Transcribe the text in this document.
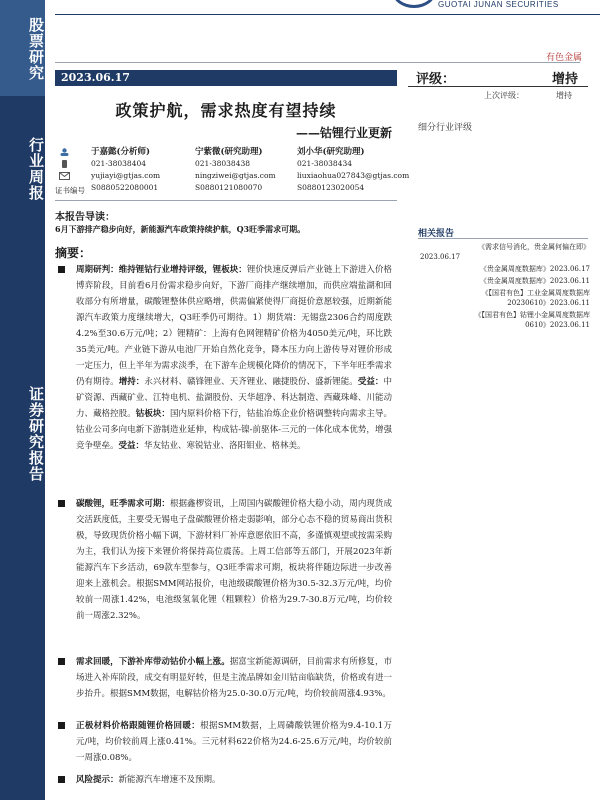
股票研究
行业周报
证券研究报告
GUOTAI JUNAN SECURITIES
有色金属
2023.06.17	评级：	增持
上次评级：	增持
政策护航，需求热度有望持续
——钴锂行业更新	细分行业评级
于嘉懿(分析师)
021-38038404
yujiayi@gtjas.com
S0880522080001
宁紫微(研究助理)
021-38038438
ningziwei@gtjas.com
S0880121080070
刘小华(研究助理)
021-38038434
liuxiaohua027843@gtjas.com
S0880123020054
证书编号
本报告导读：
6月下游排产稳步向好，新能源汽车政策持续护航，Q3旺季需求可期。
摘要：
周期研判：维持锂钴行业增持评级，锂板块：锂价快速反弹后产业链上下游进入价格博弈阶段，目前看6月份需求稳步向好，下游厂商排产继续增加，而供应端盐湖和回收部分有所增量，碳酸锂整体供应略增，供需偏紧使得厂商挺价意愿较强，近期新能源汽车政策力度继续增大，Q3旺季仍可期待。1）期货端：无锡盘2306合约周度跌4.2%至30.6万元/吨；2）锂精矿：上海有色网锂精矿价格为4050美元/吨，环比跌35美元/吨。产业链下游从电池厂开始自然化竞争，降本压力向上游传导对锂价形成一定压力，但上半年为需求淡季，在下游车企规模化降价的情况下，下半年旺季需求仍有期待。增持：永兴材料、赣锋锂业、天齐锂业、融捷股份、盛新锂能。受益：中矿资源、西藏矿业、江特电机、盐湖股份、天华超净、科达制造、西藏珠峰、川能动力、藏格控股。钴板块：国内原料价格下行，钴盐冶炼企业价格调整转向需求主导。钴业公司多向电新下游制造业延伸，构成钴-镍-前驱体-三元的一体化成本优势，增强竞争壁垒。受益：华友钴业、寒锐钴业、洛阳钼业、格林美。
碳酸锂，旺季需求可期：根据鑫椤资讯，上周国内碳酸锂价格大稳小动，周内现货成交活跃度低，主要受无锡电子盘碳酸锂价格走弱影响，部分心态不稳的贸易商出货积极，导致现货价格小幅下调，下游材料厂补库意愿依旧不高，多谨慎观望或按需采购为主，我们认为接下来锂价将保持高位震荡。上周工信部等五部门，开展2023年新能源汽车下乡活动，69款车型参与，Q3旺季需求可期，板块将伴随边际进一步改善迎来上涨机会。根据SMM网站报价，电池级碳酸锂价格为30.5-32.3万元/吨，均价较前一周涨1.42%，电池级氢氧化锂（粗颗粒）价格为29.7-30.8万元/吨，均价较前一周涨2.32%。
需求回暖，下游补库带动钴价小幅上涨。据富宝新能源调研，目前需求有所修复，市场进入补库阶段，成交有明显好转，但是主流品牌如金川钴亩临缺货，价格或有进一步抬升。根据SMM数据，电解钴价格为25.0-30.0万元/吨，均价较前周涨4.93%。
正极材料价格跟随锂价格回暖：根据SMM数据，上周磷酸铁锂价格为9.4-10.1万元/吨，均价较前周上涨0.41%。三元材料622价格为24.6-25.6万元/吨，均价较前一周涨0.08%。
风险提示：新能源汽车增速不及预期。
相关报告
《需求信号消化，贵金属何偏在即》
2023.06.17
《贵金属周度数据库》2023.06.17
《贵金属周度数据库》2023.06.11
《【国君有色】工业金属周度数据库
20230610》2023.06.11
《【国君有色】钴锂小金属周度数据库
0610》2023.06.11
